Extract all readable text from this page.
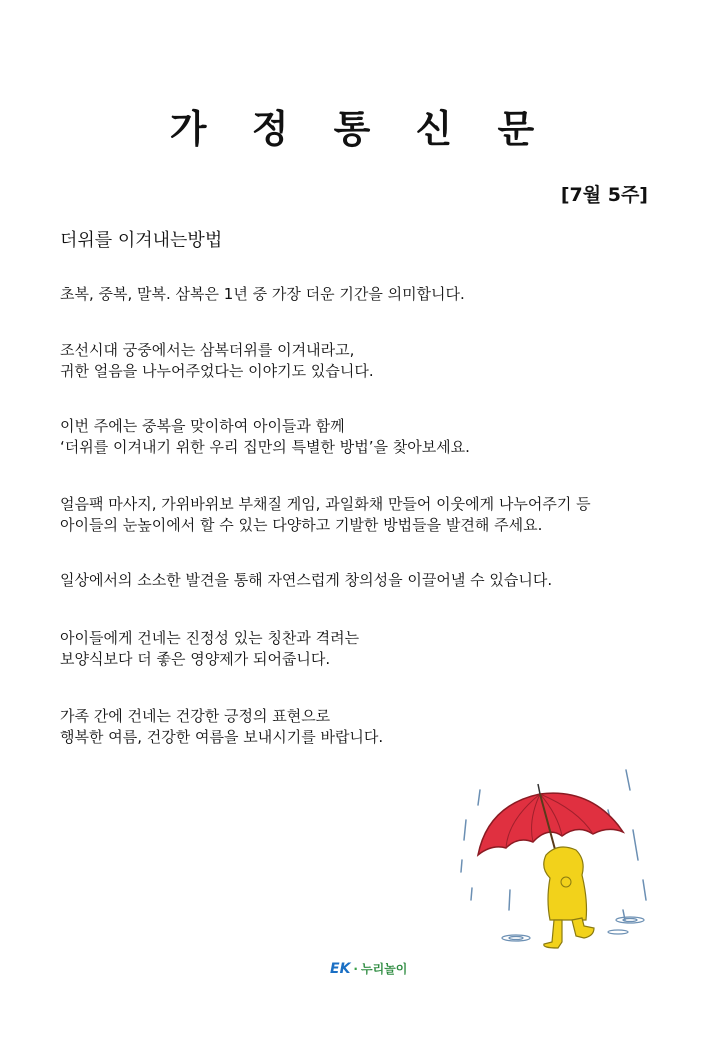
가 정 통 신 문
[7월 5주]
더위를 이겨내는방법
초복, 중복, 말복. 삼복은 1년 중 가장 더운 기간을 의미합니다.
조선시대 궁중에서는 삼복더위를 이겨내라고,
귀한 얼음을 나누어주었다는 이야기도 있습니다.
이번 주에는 중복을 맞이하여 아이들과 함께
‘더위를 이겨내기 위한 우리 집만의 특별한 방법’을 찾아보세요.
얼음팩 마사지, 가위바위보 부채질 게임, 과일화채 만들어 이웃에게 나누어주기 등
아이들의 눈높이에서 할 수 있는 다양하고 기발한 방법들을 발견해 주세요.
일상에서의 소소한 발견을 통해 자연스럽게 창의성을 이끌어낼 수 있습니다.
아이들에게 건네는 진정성 있는 칭찬과 격려는
보양식보다 더 좋은 영양제가 되어줍니다.
가족 간에 건네는 건강한 긍정의 표현으로
행복한 여름, 건강한 여름을 보내시기를 바랍니다.
EK · 누리놀이
